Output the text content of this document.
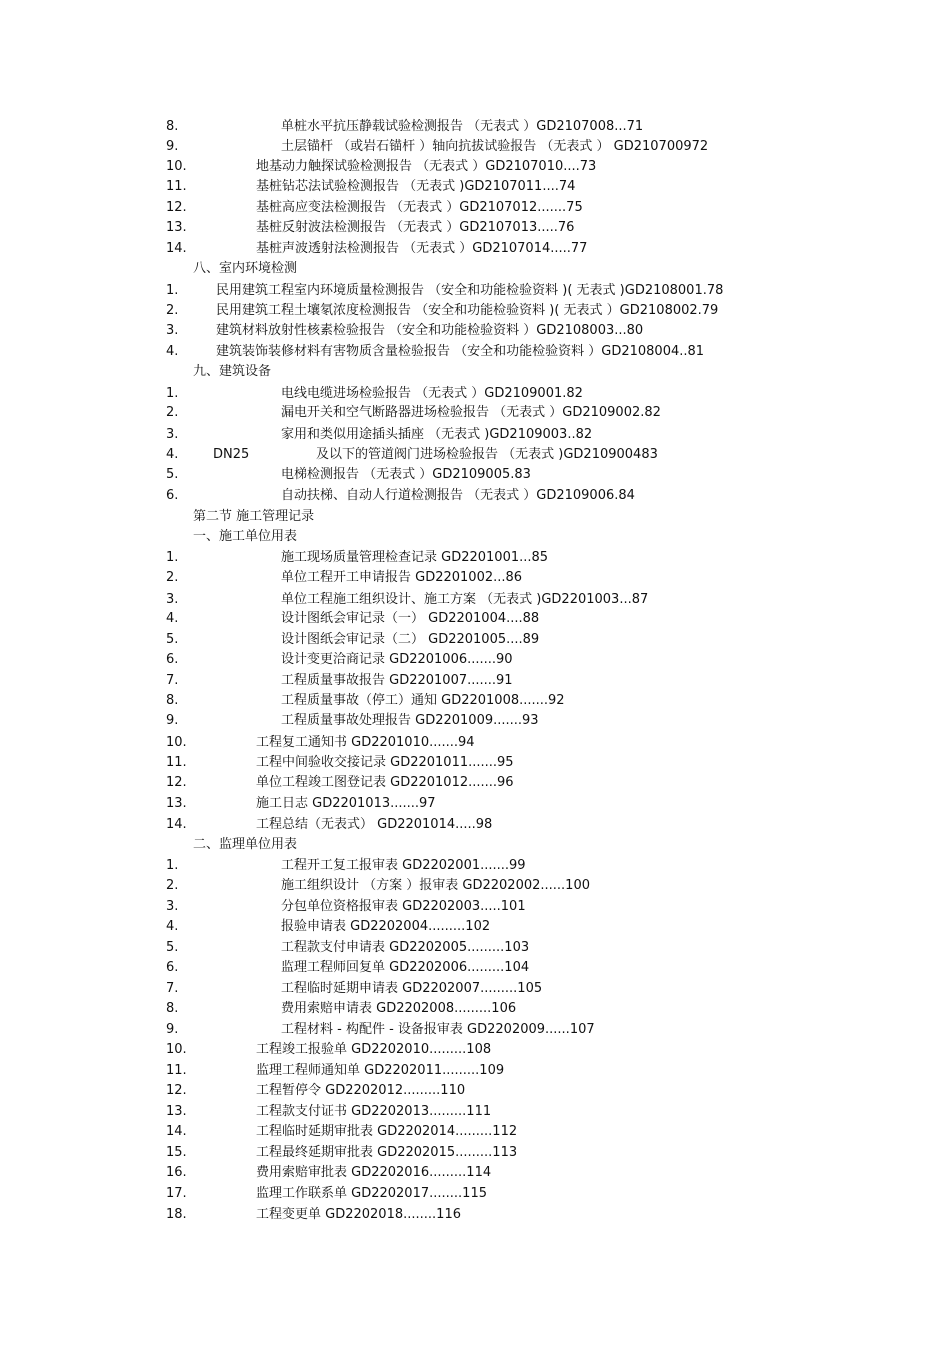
8.	单桩水平抗压静载试验检测报告 （无表式 ）GD2107008...71
9.	土层锚杆 （或岩石锚杆 ）轴向抗拔试验报告 （无表式 ） GD210700972
10.	地基动力触探试验检测报告 （无表式 ）GD2107010....73
11.	基桩钻芯法试验检测报告 （无表式 )GD2107011....74
12.	基桩高应变法检测报告 （无表式 ）GD2107012.......75
13.	基桩反射波法检测报告 （无表式 ）GD2107013.....76
14.	基桩声波透射法检测报告 （无表式 ）GD2107014.....77
八、室内环境检测
1.	民用建筑工程室内环境质量检测报告 （安全和功能检验资料 )( 无表式 )GD2108001.78
2.	民用建筑工程土壤氡浓度检测报告 （安全和功能检验资料 )( 无表式 ）GD2108002.79
3.	建筑材料放射性核素检验报告 （安全和功能检验资料 ）GD2108003...80
4.	建筑装饰装修材料有害物质含量检验报告 （安全和功能检验资料 ）GD2108004..81
九、建筑设备
1.	电线电缆进场检验报告 （无表式 ）GD2109001.82
2.	漏电开关和空气断路器进场检验报告 （无表式 ）GD2109002.82
3.	家用和类似用途插头插座 （无表式 )GD2109003..82
4.	DN25	及以下的管道阀门进场检验报告 （无表式 )GD210900483
5.	电梯检测报告 （无表式 ）GD2109005.83
6.	自动扶梯、自动人行道检测报告 （无表式 ）GD2109006.84
第二节 施工管理记录
一、施工单位用表
1.	施工现场质量管理检查记录 GD2201001...85
2.	单位工程开工申请报告 GD2201002...86
3.	单位工程施工组织设计、施工方案 （无表式 )GD2201003...87
4.	设计图纸会审记录（一） GD2201004....88
5.	设计图纸会审记录（二） GD2201005....89
6.	设计变更洽商记录 GD2201006.......90
7.	工程质量事故报告 GD2201007.......91
8.	工程质量事故（停工）通知 GD2201008.......92
9.	工程质量事故处理报告 GD2201009.......93
10.	工程复工通知书 GD2201010.......94
11.	工程中间验收交接记录 GD2201011.......95
12.	单位工程竣工图登记表 GD2201012.......96
13.	施工日志 GD2201013.......97
14.	工程总结（无表式） GD2201014.....98
二、监理单位用表
1.	工程开工复工报审表 GD2202001.......99
2.	施工组织设计 （方案 ）报审表 GD2202002......100
3.	分包单位资格报审表 GD2202003.....101
4.	报验申请表 GD2202004.........102
5.	工程款支付申请表 GD2202005.........103
6.	监理工程师回复单 GD2202006.........104
7.	工程临时延期申请表 GD2202007.........105
8.	费用索赔申请表 GD2202008.........106
9.	工程材料 - 构配件 - 设备报审表 GD2202009......107
10.	工程竣工报验单 GD2202010.........108
11.	监理工程师通知单 GD2202011.........109
12.	工程暂停令 GD2202012.........110
13.	工程款支付证书 GD2202013.........111
14.	工程临时延期审批表 GD2202014.........112
15.	工程最终延期审批表 GD2202015.........113
16.	费用索赔审批表 GD2202016.........114
17.	监理工作联系单 GD2202017........115
18.	工程变更单 GD2202018........116
